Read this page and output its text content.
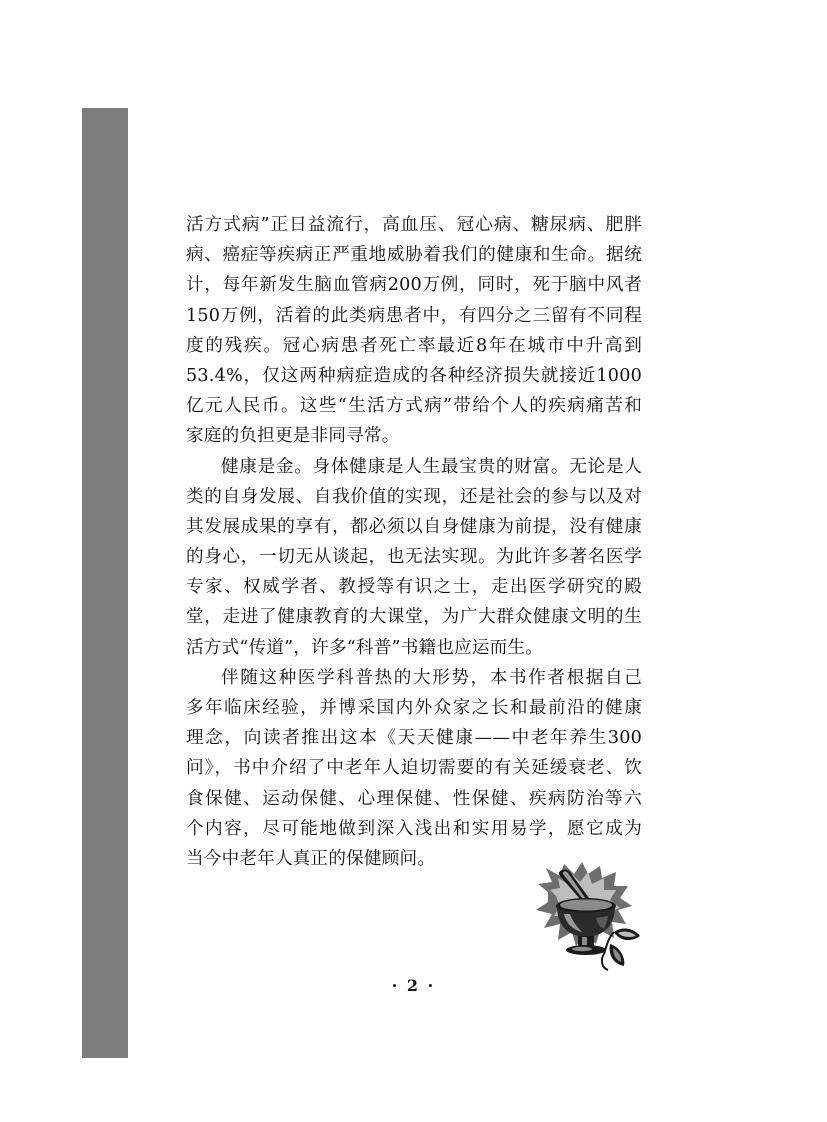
活方式病”正日益流行，高血压、冠心病、糖尿病、肥胖
病、癌症等疾病正严重地威胁着我们的健康和生命。据统
计，每年新发生脑血管病200万例，同时，死于脑中风者
150万例，活着的此类病患者中，有四分之三留有不同程
度的残疾。冠心病患者死亡率最近8年在城市中升高到
53.4%，仅这两种病症造成的各种经济损失就接近1000
亿元人民币。这些“生活方式病”带给个人的疾病痛苦和
家庭的负担更是非同寻常。
健康是金。身体健康是人生最宝贵的财富。无论是人
类的自身发展、自我价值的实现，还是社会的参与以及对
其发展成果的享有，都必须以自身健康为前提，没有健康
的身心，一切无从谈起，也无法实现。为此许多著名医学
专家、权威学者、教授等有识之士，走出医学研究的殿
堂，走进了健康教育的大课堂，为广大群众健康文明的生
活方式“传道”，许多“科普”书籍也应运而生。
伴随这种医学科普热的大形势，本书作者根据自己
多年临床经验，并博采国内外众家之长和最前沿的健康
理念，向读者推出这本《天天健康——中老年养生300
问》，书中介绍了中老年人迫切需要的有关延缓衰老、饮
食保健、运动保健、心理保健、性保健、疾病防治等六
个内容，尽可能地做到深入浅出和实用易学，愿它成为
当今中老年人真正的保健顾问。
· 2 ·
